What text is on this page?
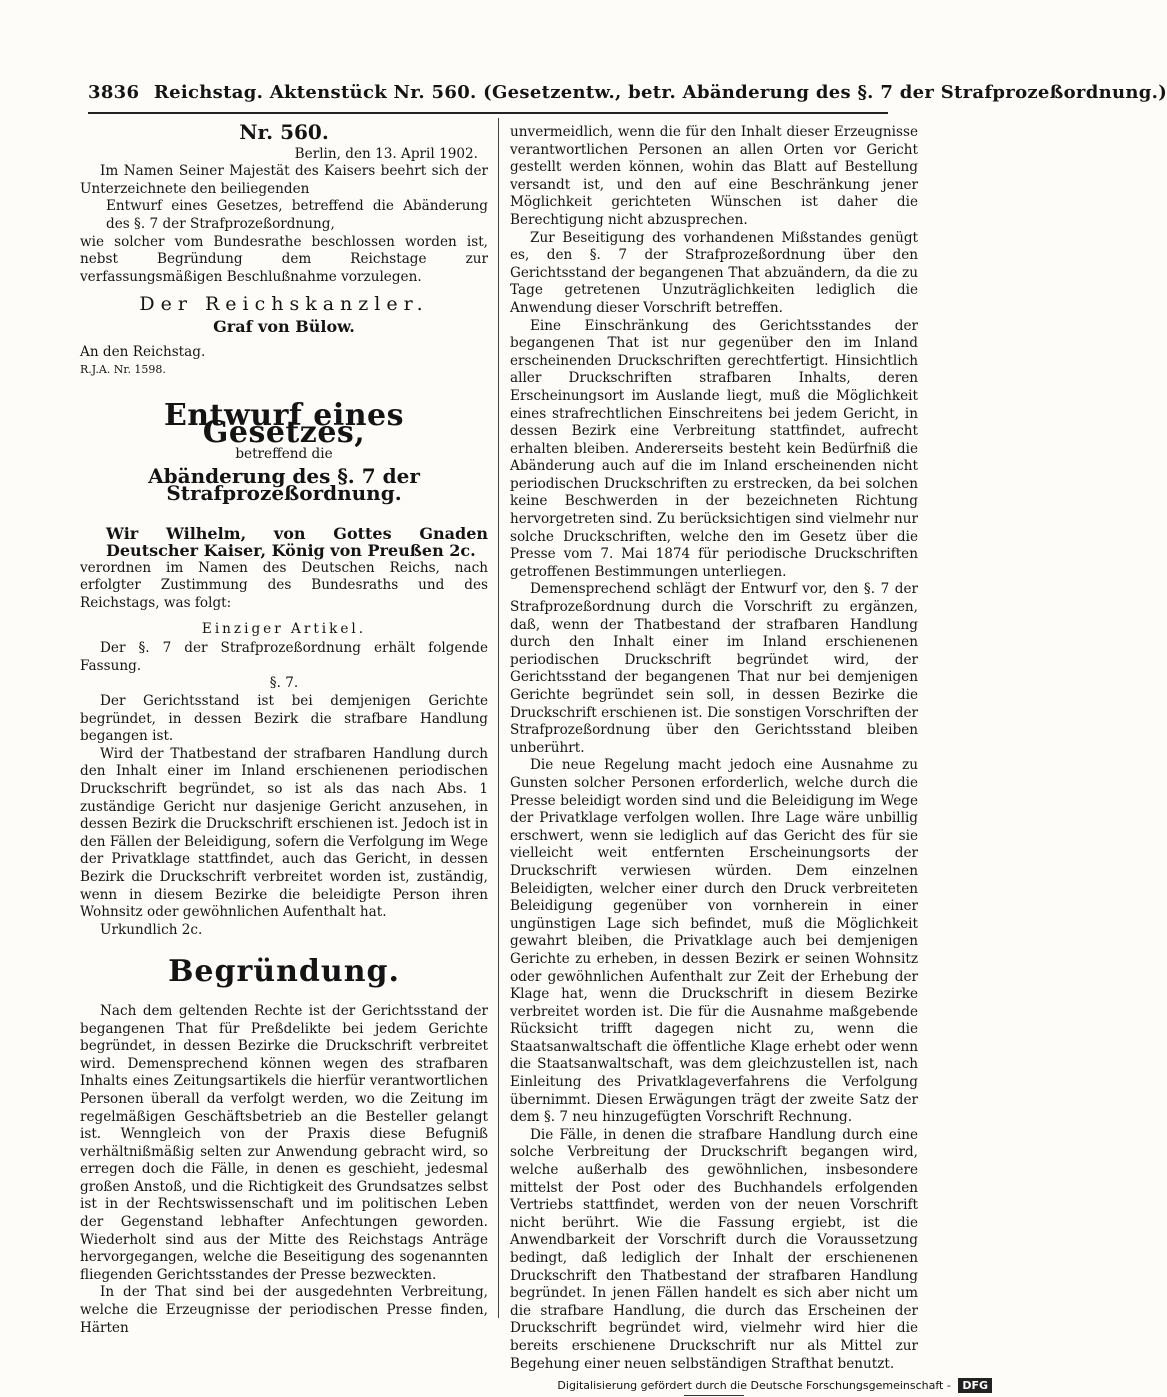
3836 Reichstag. Aktenstück Nr. 560. (Gesetzentw., betr. Abänderung des §. 7 der Strafprozeßordnung.)
Nr. 560.
Berlin, den 13. April 1902.

Im Namen Seiner Majestät des Kaisers beehrt sich der Unterzeichnete den beiliegenden

Entwurf eines Gesetzes, betreffend die Abänderung des §. 7 der Strafprozeßordnung,

wie solcher vom Bundesrathe beschlossen worden ist, nebst Begründung dem Reichstage zur verfassungsmäßigen Beschlußnahme vorzulegen.

Der Reichskanzler.
Graf von Bülow.
An den Reichstag.
R.J.A. Nr. 1598.
Entwurf eines Gesetzes,
betreffend die
Abänderung des §. 7 der Strafprozeßordnung.

Wir Wilhelm, von Gottes Gnaden Deutscher Kaiser, König von Preußen 2c.

verordnen im Namen des Deutschen Reichs, nach erfolgter Zustimmung des Bundesraths und des Reichstags, was folgt:

Einziger Artikel.

Der §. 7 der Strafprozeßordnung erhält folgende Fassung.

§. 7.

Der Gerichtsstand ist bei demjenigen Gerichte begründet, in dessen Bezirk die strafbare Handlung begangen ist.

Wird der Thatbestand der strafbaren Handlung durch den Inhalt einer im Inland erschienenen periodischen Druckschrift begründet, so ist als das nach Abs. 1 zuständige Gericht nur dasjenige Gericht anzusehen, in dessen Bezirk die Druckschrift erschienen ist. Jedoch ist in den Fällen der Beleidigung, sofern die Verfolgung im Wege der Privatklage stattfindet, auch das Gericht, in dessen Bezirk die Druckschrift verbreitet worden ist, zuständig, wenn in diesem Bezirke die beleidigte Person ihren Wohnsitz oder gewöhnlichen Aufenthalt hat.

Urkundlich 2c.

Begründung.

Nach dem geltenden Rechte ist der Gerichtsstand der begangenen That für Preßdelikte bei jedem Gerichte begründet, in dessen Bezirke die Druckschrift verbreitet wird. Demensprechend können wegen des strafbaren Inhalts eines Zeitungsartikels die hierfür verantwortlichen Personen überall da verfolgt werden, wo die Zeitung im regelmäßigen Geschäftsbetrieb an die Besteller gelangt ist. Wenngleich von der Praxis diese Befugniß verhältnißmäßig selten zur Anwendung gebracht wird, so erregen doch die Fälle, in denen es geschieht, jedesmal großen Anstoß, und die Richtigkeit des Grundsatzes selbst ist in der Rechtswissenschaft und im politischen Leben der Gegenstand lebhafter Anfechtungen geworden. Wiederholt sind aus der Mitte des Reichstags Anträge hervorgegangen, welche die Beseitigung des sogenannten fliegenden Gerichtsstandes der Presse bezweckten.

In der That sind bei der ausgedehnten Verbreitung, welche die Erzeugnisse der periodischen Presse finden, Härten

unvermeidlich, wenn die für den Inhalt dieser Erzeugnisse verantwortlichen Personen an allen Orten vor Gericht gestellt werden können, wohin das Blatt auf Bestellung versandt ist, und den auf eine Beschränkung jener Möglichkeit gerichteten Wünschen ist daher die Berechtigung nicht abzusprechen.

Zur Beseitigung des vorhandenen Mißstandes genügt es, den §. 7 der Strafprozeßordnung über den Gerichtsstand der begangenen That abzuändern, da die zu Tage getretenen Unzuträglichkeiten lediglich die Anwendung dieser Vorschrift betreffen.

Eine Einschränkung des Gerichtsstandes der begangenen That ist nur gegenüber den im Inland erscheinenden Druckschriften gerechtfertigt. Hinsichtlich aller Druckschriften strafbaren Inhalts, deren Erscheinungsort im Auslande liegt, muß die Möglichkeit eines strafrechtlichen Einschreitens bei jedem Gericht, in dessen Bezirk eine Verbreitung stattfindet, aufrecht erhalten bleiben. Andererseits besteht kein Bedürfniß die Abänderung auch auf die im Inland erscheinenden nicht periodischen Druckschriften zu erstrecken, da bei solchen keine Beschwerden in der bezeichneten Richtung hervorgetreten sind. Zu berücksichtigen sind vielmehr nur solche Druckschriften, welche den im Gesetz über die Presse vom 7. Mai 1874 für periodische Druckschriften getroffenen Bestimmungen unterliegen.

Demensprechend schlägt der Entwurf vor, den §. 7 der Strafprozeßordnung durch die Vorschrift zu ergänzen, daß, wenn der Thatbestand der strafbaren Handlung durch den Inhalt einer im Inland erschienenen periodischen Druckschrift begründet wird, der Gerichtsstand der begangenen That nur bei demjenigen Gerichte begründet sein soll, in dessen Bezirke die Druckschrift erschienen ist. Die sonstigen Vorschriften der Strafprozeßordnung über den Gerichtsstand bleiben unberührt.

Die neue Regelung macht jedoch eine Ausnahme zu Gunsten solcher Personen erforderlich, welche durch die Presse beleidigt worden sind und die Beleidigung im Wege der Privatklage verfolgen wollen. Ihre Lage wäre unbillig erschwert, wenn sie lediglich auf das Gericht des für sie vielleicht weit entfernten Erscheinungsorts der Druckschrift verwiesen würden. Dem einzelnen Beleidigten, welcher einer durch den Druck verbreiteten Beleidigung gegenüber von vornherein in einer ungünstigen Lage sich befindet, muß die Möglichkeit gewahrt bleiben, die Privatklage auch bei demjenigen Gerichte zu erheben, in dessen Bezirk er seinen Wohnsitz oder gewöhnlichen Aufenthalt zur Zeit der Erhebung der Klage hat, wenn die Druckschrift in diesem Bezirke verbreitet worden ist. Die für die Ausnahme maßgebende Rücksicht trifft dagegen nicht zu, wenn die Staatsanwaltschaft die öffentliche Klage erhebt oder wenn die Staatsanwaltschaft, was dem gleichzustellen ist, nach Einleitung des Privatklageverfahrens die Verfolgung übernimmt. Diesen Erwägungen trägt der zweite Satz der dem §. 7 neu hinzugefügten Vorschrift Rechnung.

Die Fälle, in denen die strafbare Handlung durch eine solche Verbreitung der Druckschrift begangen wird, welche außerhalb des gewöhnlichen, insbesondere mittelst der Post oder des Buchhandels erfolgenden Vertriebs stattfindet, werden von der neuen Vorschrift nicht berührt. Wie die Fassung ergiebt, ist die Anwendbarkeit der Vorschrift durch die Voraussetzung bedingt, daß lediglich der Inhalt der erschienenen Druckschrift den Thatbestand der strafbaren Handlung begründet. In jenen Fällen handelt es sich aber nicht um die strafbare Handlung, die durch das Erscheinen der Druckschrift begründet wird, vielmehr wird hier die bereits erschienene Druckschrift nur als Mittel zur Begehung einer neuen selbständigen Strafthat benutzt.

Digitalisierung gefördert durch die Deutsche Forschungsgemeinschaft - DFG
